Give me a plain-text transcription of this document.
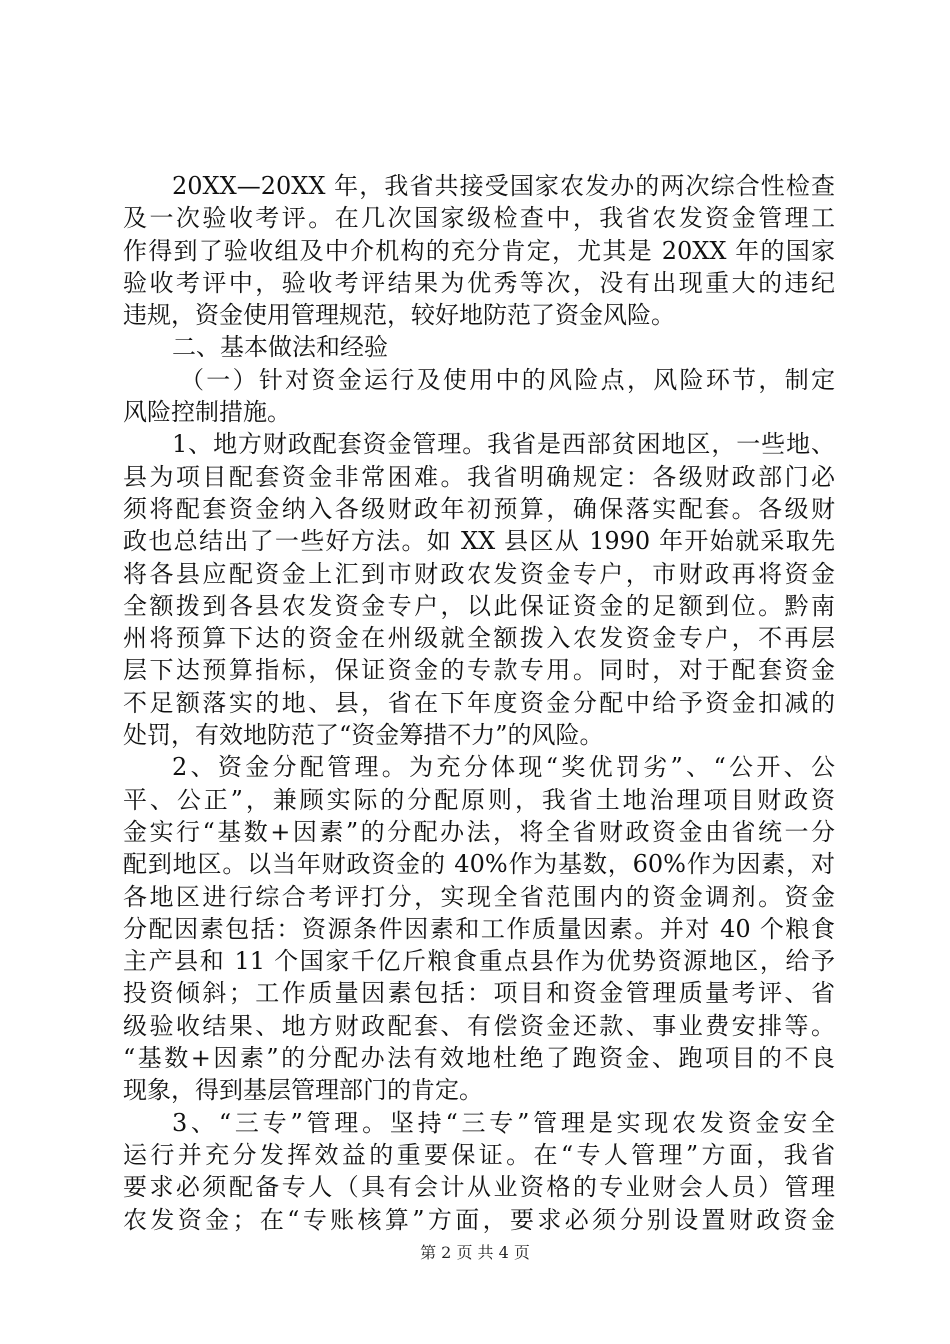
20XX—20XX 年，我省共接受国家农发办的两次综合性检查
及一次验收考评。在几次国家级检查中，我省农发资金管理工
作得到了验收组及中介机构的充分肯定，尤其是 20XX 年的国家
验收考评中，验收考评结果为优秀等次，没有出现重大的违纪
违规，资金使用管理规范，较好地防范了资金风险。
二、基本做法和经验
（一）针对资金运行及使用中的风险点，风险环节，制定
风险控制措施。
1、地方财政配套资金管理。我省是西部贫困地区，一些地、
县为项目配套资金非常困难。我省明确规定：各级财政部门必
须将配套资金纳入各级财政年初预算，确保落实配套。各级财
政也总结出了一些好方法。如 XX 县区从 1990 年开始就采取先
将各县应配资金上汇到市财政农发资金专户，市财政再将资金
全额拨到各县农发资金专户，以此保证资金的足额到位。黔南
州将预算下达的资金在州级就全额拨入农发资金专户，不再层
层下达预算指标，保证资金的专款专用。同时，对于配套资金
不足额落实的地、县，省在下年度资金分配中给予资金扣减的
处罚，有效地防范了“资金筹措不力”的风险。
2、资金分配管理。为充分体现“奖优罚劣”、“公开、公
平、公正”，兼顾实际的分配原则，我省土地治理项目财政资
金实行“基数+因素”的分配办法，将全省财政资金由省统一分
配到地区。以当年财政资金的 40%作为基数，60%作为因素，对
各地区进行综合考评打分，实现全省范围内的资金调剂。资金
分配因素包括：资源条件因素和工作质量因素。并对 40 个粮食
主产县和 11 个国家千亿斤粮食重点县作为优势资源地区，给予
投资倾斜；工作质量因素包括：项目和资金管理质量考评、省
级验收结果、地方财政配套、有偿资金还款、事业费安排等。
“基数+因素”的分配办法有效地杜绝了跑资金、跑项目的不良
现象，得到基层管理部门的肯定。
3、“三专”管理。坚持“三专”管理是实现农发资金安全
运行并充分发挥效益的重要保证。在“专人管理”方面，我省
要求必须配备专人（具有会计从业资格的专业财会人员）管理
农发资金；在“专账核算”方面，要求必须分别设置财政资金
第 2 页 共 4 页
